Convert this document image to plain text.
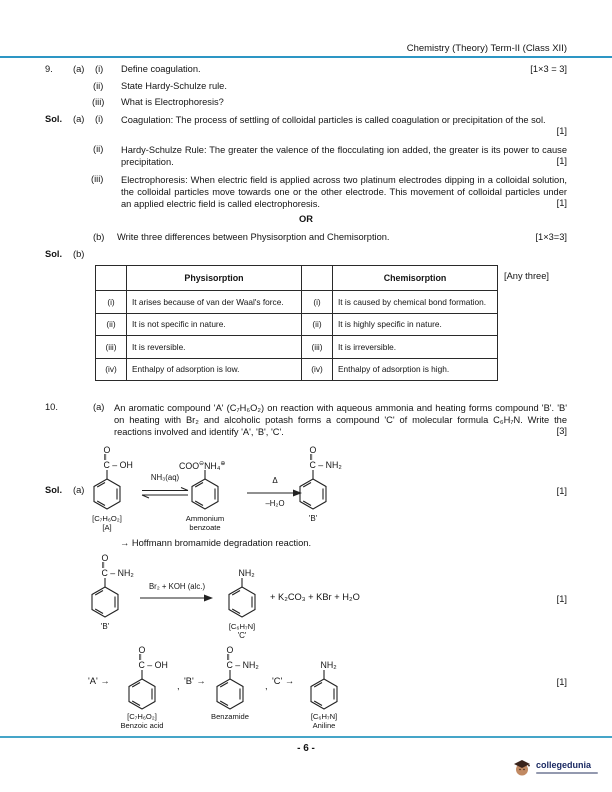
Chemistry (Theory) Term-II (Class XII)
9. (a) (i) Define coagulation.	[1×3 = 3]
(ii) State Hardy-Schulze rule.
(iii) What is Electrophoresis?
Sol. (a) (i) Coagulation: The process of settling of colloidal particles is called coagulation or precipitation of the sol.
[1]
(ii) Hardy-Schulze Rule: The greater the valence of the flocculating ion added, the greater is its power to cause precipitation.	[1]
(iii) Electrophoresis: When electric field is applied across two platinum electrodes dipping in a colloidal solution, the colloidal particles move towards one or the other electrode. This movement of colloidal particles under an applied electric field is called electrophoresis.	[1]
OR
(b) Write three differences between Physisorption and Chemisorption.	[1×3=3]
Sol. (b)
	Physisorption		Chemisorption
(i)	It arises because of van der Waal's force.	(i)	It is caused by chemical bond formation.
(ii)	It is not specific in nature.	(ii)	It is highly specific in nature.
(iii)	It is reversible.	(iii)	It is irreversible.
(iv)	Enthalpy of adsorption is low.	(iv)	Enthalpy of adsorption is high.
[Any three]
10.	(a) An aromatic compound 'A' (C₇H₆O₂) on reaction with aqueous ammonia and heating forms compound 'B'. 'B' on heating with Br₂ and alcoholic potash forms a compound 'C' of molecular formula C₆H₇N. Write the reactions involved and identify 'A', 'B', 'C'.	[3]
Sol. (a)
O
‖
C – OH
[C₇H₆O₂]
[A]
NH₃(aq)
COO⊖NH₄⊕
Ammonium
benzoate
Δ
–H₂O
O
‖
C – NH₂
'B'
[1]
→ Hoffmann bromamide degradation reaction.
O
‖
C – NH₂
'B'
Br₂ + KOH (alc.)
NH₂
[C₆H₇N]
'C'
+ K₂CO₃ + KBr + H₂O	[1]
'A' →
O
‖
C – OH
[C₇H₆O₂]
Benzoic acid
, 'B' →
O
‖
C – NH₂
Benzamide
, 'C' →
NH₂
[C₆H₇N]
Aniline
[1]
- 6 -
collegedunia
